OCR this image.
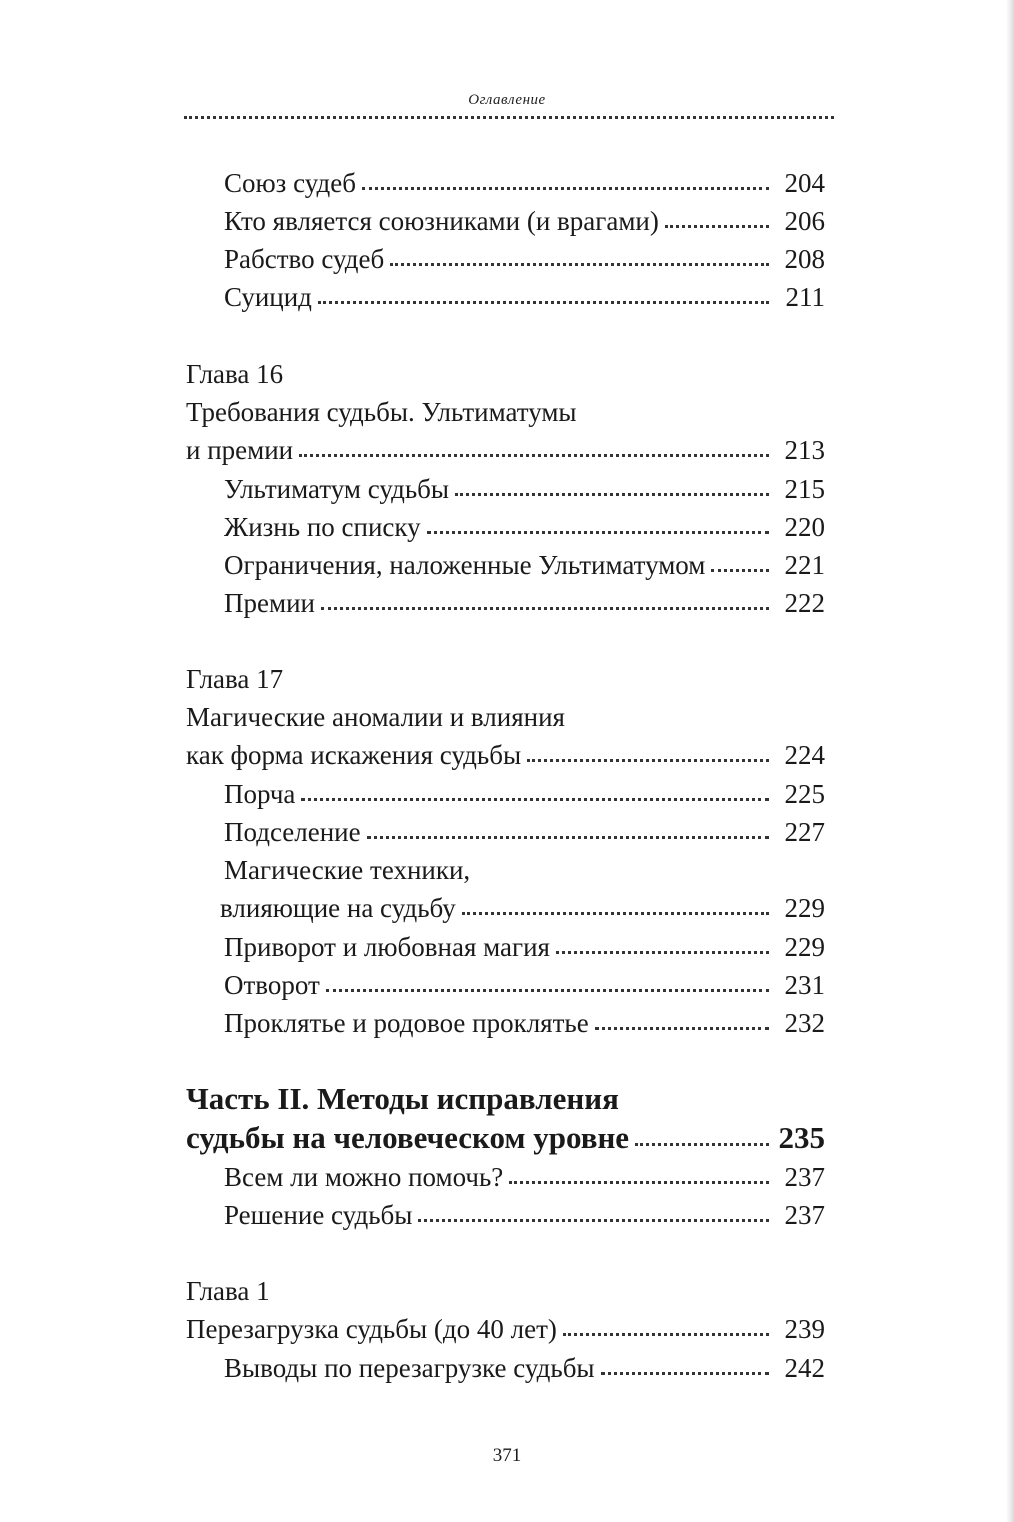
Оглавление
Союз судеб	204
Кто является союзниками (и врагами)	206
Рабство судеб	208
Суицид	211
Глава 16
Требования судьбы. Ультиматумы
и премии	213
Ультиматум судьбы	215
Жизнь по списку	220
Ограничения, наложенные Ультиматумом	221
Премии	222
Глава 17
Магические аномалии и влияния
как форма искажения судьбы	224
Порча	225
Подселение	227
Магические техники,
влияющие на судьбу	229
Приворот и любовная магия	229
Отворот	231
Проклятье и родовое проклятье	232
Часть II. Методы исправления
судьбы на человеческом уровне	235
Всем ли можно помочь?	237
Решение судьбы	237
Глава 1
Перезагрузка судьбы (до 40 лет)	239
Выводы по перезагрузке судьбы	242
371
